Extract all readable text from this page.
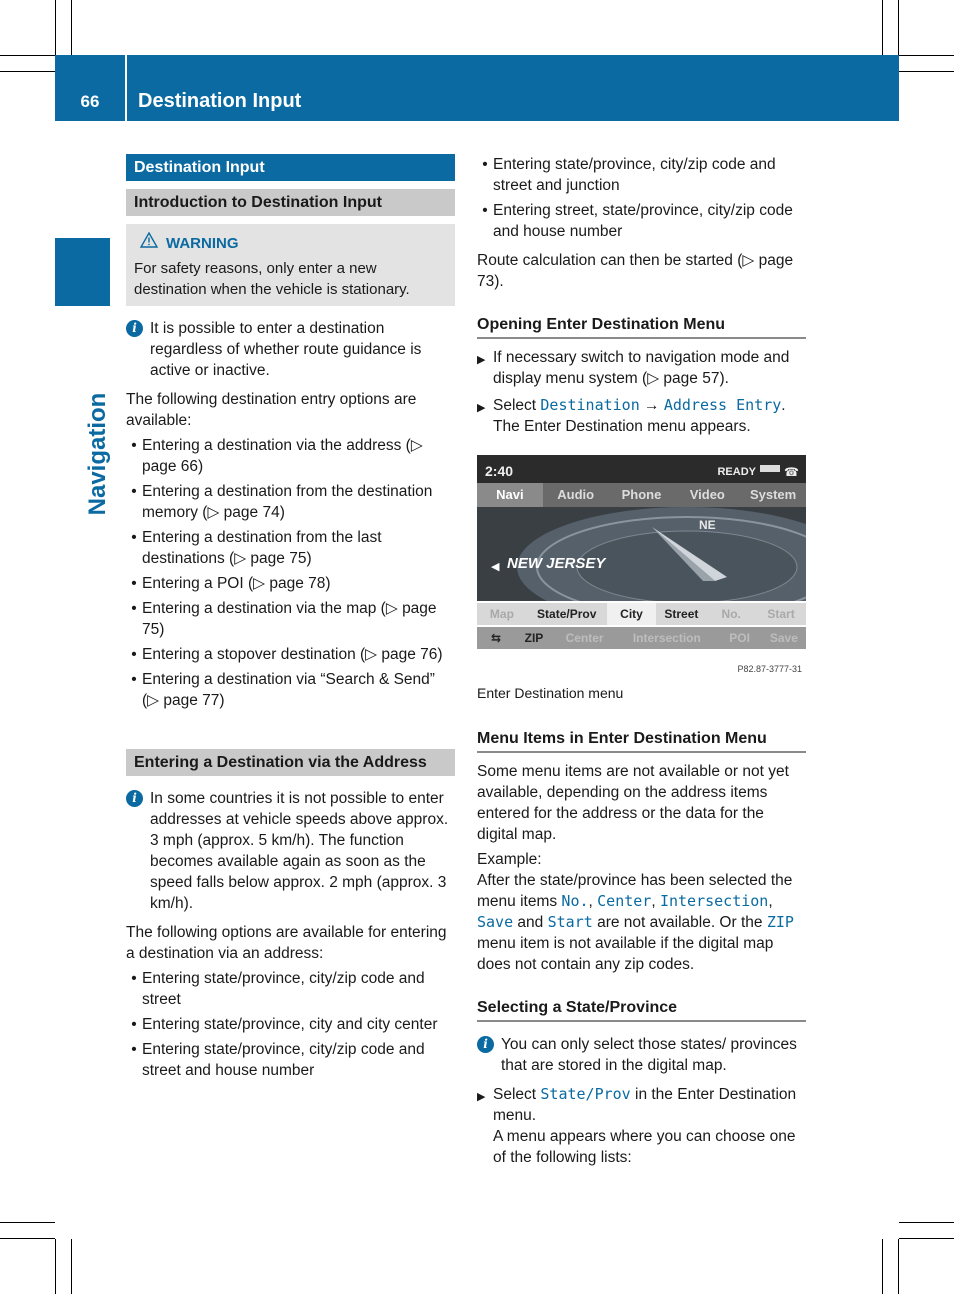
66	Destination Input
Navigation
Destination Input
Introduction to Destination Input
WARNING
For safety reasons, only enter a new destination when the vehicle is stationary.
i It is possible to enter a destination regardless of whether route guidance is active or inactive.
The following destination entry options are available:
• Entering a destination via the address (▷ page 66)
• Entering a destination from the destination memory (▷ page 74)
• Entering a destination from the last destinations (▷ page 75)
• Entering a POI (▷ page 78)
• Entering a destination via the map (▷ page 75)
• Entering a stopover destination (▷ page 76)
• Entering a destination via “Search & Send” (▷ page 77)
Entering a Destination via the Address
i In some countries it is not possible to enter addresses at vehicle speeds above approx. 3 mph (approx. 5 km/h). The function becomes available again as soon as the speed falls below approx. 2 mph (approx. 3 km/h).
The following options are available for entering a destination via an address:
• Entering state/province, city/zip code and street
• Entering state/province, city and city center
• Entering state/province, city/zip code and street and house number
• Entering state/province, city/zip code and street and junction
• Entering street, state/province, city/zip code and house number
Route calculation can then be started (▷ page 73).
Opening Enter Destination Menu
▶ If necessary switch to navigation mode and display menu system (▷ page 57).
▶ Select Destination → Address Entry.
The Enter Destination menu appears.
2:40	READY ☎
Navi	Audio	Phone	Video	System
NE
NEW JERSEY
◀
Map	State/Prov	City	Street	No.	Start
⇆	ZIP	Center	Intersection	POI	Save
P82.87-3777-31
Enter Destination menu
Menu Items in Enter Destination Menu
Some menu items are not available or not yet available, depending on the address items entered for the address or the data for the digital map.
Example:
After the state/province has been selected the menu items No., Center, Intersection, Save and Start are not available. Or the ZIP menu item is not available if the digital map does not contain any zip codes.
Selecting a State/Province
i You can only select those states/ provinces that are stored in the digital map.
▶ Select State/Prov in the Enter Destination menu.
A menu appears where you can choose one of the following lists:
